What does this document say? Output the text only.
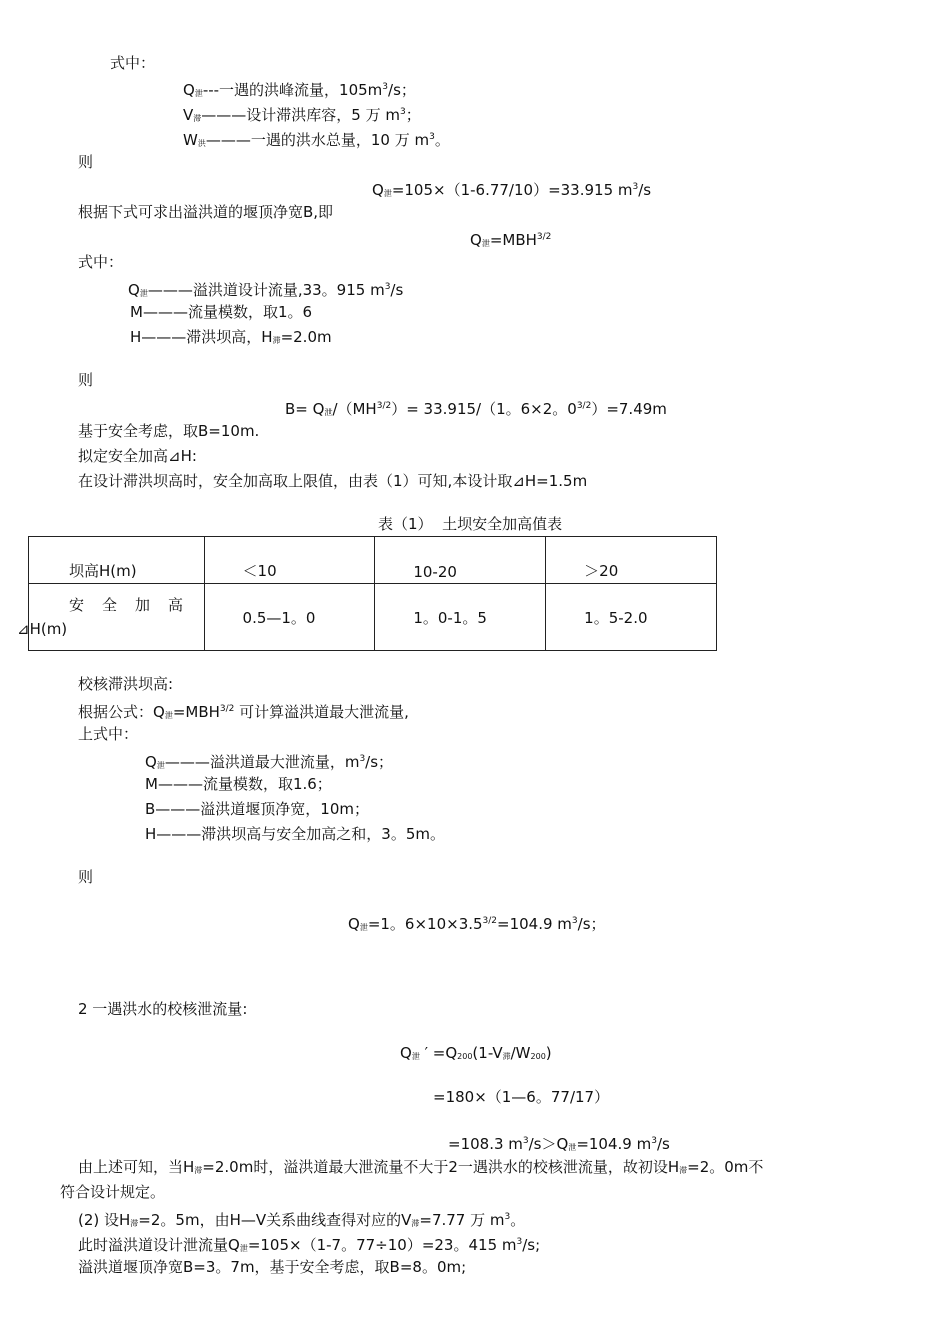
式中：
Q泄---一遇的洪峰流量，$105m^3/s$；
V滞———设计滞洪库容，5 万 $m^3$；
W洪———一遇的洪水总量，10 万 $m^3$。
则
Q泄=105×（1-6.77/10）=33.915 $m^3/s$
根据下式可求出溢洪道的堰顶净宽B,即
Q泄$=MBH^{3/2}$
式中：
Q泄———溢洪道设计流量,33。915 $m^3/s$
M———流量模数，取1。6
H———滞洪坝高，H滞=2.0m
则
B= Q泄$/(MH^{3/2})= 33.915/(1$。6×2。$0^{3/2})=7.49m$
基于安全考虑，取B=10m.
拟定安全加高⊿H:
在设计滞洪坝高时，安全加高取上限值，由表（1）可知,本设计取⊿H=1.5m
表（1）  土坝安全加高值表
坝高H(m)	＜10	10-20	＞20

安全加高
⊿H(m)	0.5—1。0	1。0-1。5	1。5-2.0
校核滞洪坝高:
根据公式：Q泄$=MBH^{3/2}$ 可计算溢洪道最大泄流量,
上式中：
Q泄———溢洪道最大泄流量，$m^3/s$；
M———流量模数，取1.6；
B———溢洪道堰顶净宽，10m；
H———滞洪坝高与安全加高之和，3。5m。
则
Q泄=1。$6\times 10\times 3.5^{3/2}=104.9$ $m^3/s$；
2 一遇洪水的校核泄流量:
Q泄 ′ =Q200(1-V滞/W200)
=180×（1—6。77/17）
=108.3 $m^3/s>Q$泄=104.9 $m^3/s$
由上述可知，当H滞=2.0m时，溢洪道最大泄流量不大于2一遇洪水的校核泄流量，故初设H滞=2。0m不
符合设计规定。
(2) 设H滞=2。5m，由H—V关系曲线查得对应的V滞=7.77 万 $m^3$。
此时溢洪道设计泄流量Q泄=105×（1-7。77÷10）=23。415 $m^3/s$;
溢洪道堰顶净宽B=3。7m，基于安全考虑，取B=8。0m;
